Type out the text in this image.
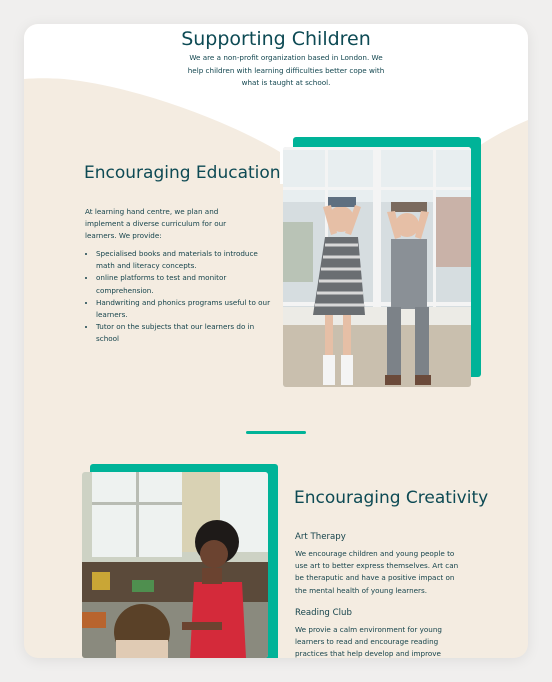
Supporting Children
We are a non-profit organization based in London. We help children with learning difficulties better cope with what is taught at school.
Encouraging Education
At learning hand centre, we plan and implement a diverse curriculum for our learners. We provide:
• Specialised books and materials to introduce math and literacy concepts.
• online platforms to test and monitor comprehension.
• Handwriting and phonics programs useful to our learners.
• Tutor on the subjects that our learners do in school
Encouraging Creativity
Art Therapy
We encourage children and young people to use art to better express themselves. Art can be theraputic and have a positive impact on the mental health of young learners.
Reading Club
We provie a calm environment for young learners to read and encourage reading practices that help develop and improve
